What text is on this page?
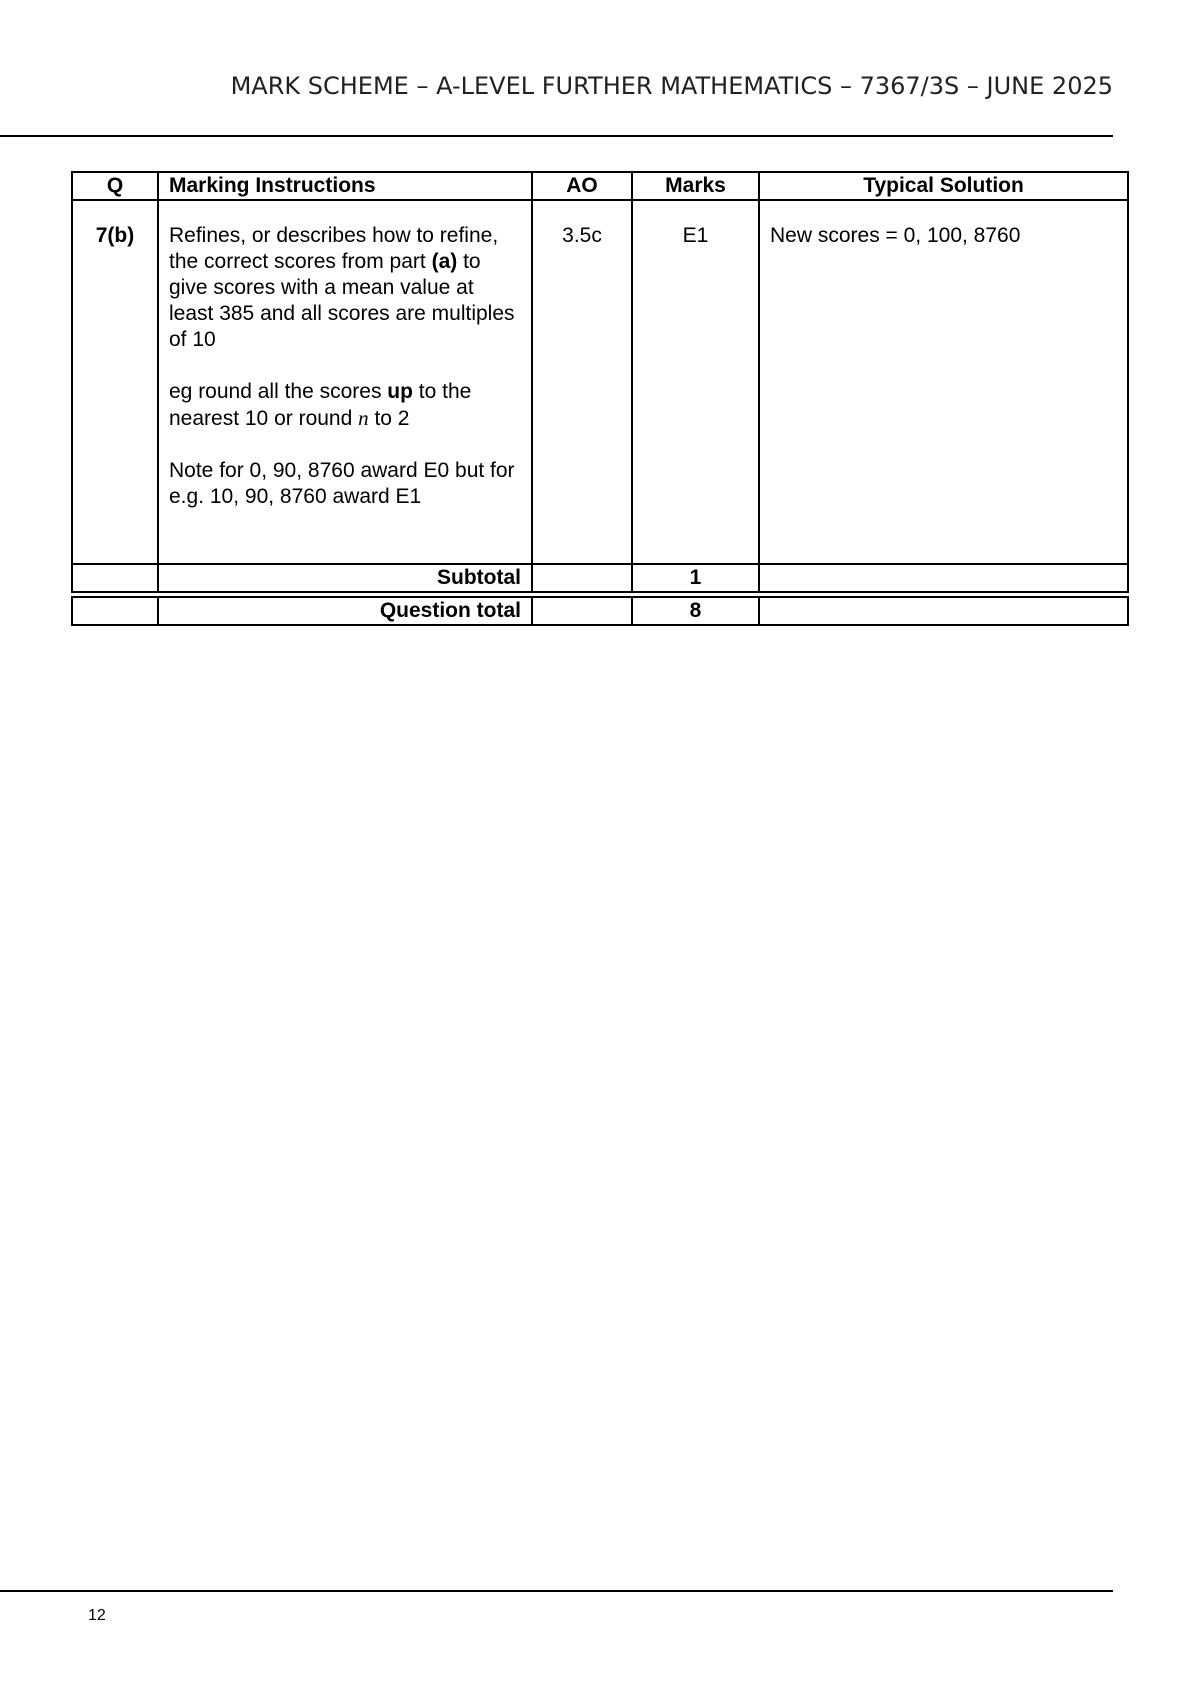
MARK SCHEME – A-LEVEL FURTHER MATHEMATICS – 7367/3S – JUNE 2025
Q	Marking Instructions	AO	Marks	Typical Solution
7(b)	Refines, or describes how to refine, the correct scores from part (a) to give scores with a mean value at least 385 and all scores are multiples of 10

eg round all the scores up to the nearest 10 or round n to 2

Note for 0, 90, 8760 award E0 but for e.g. 10, 90, 8760 award E1	3.5c	E1	New scores = 0, 100, 8760
	Subtotal		1	
	Question total		8	
12
